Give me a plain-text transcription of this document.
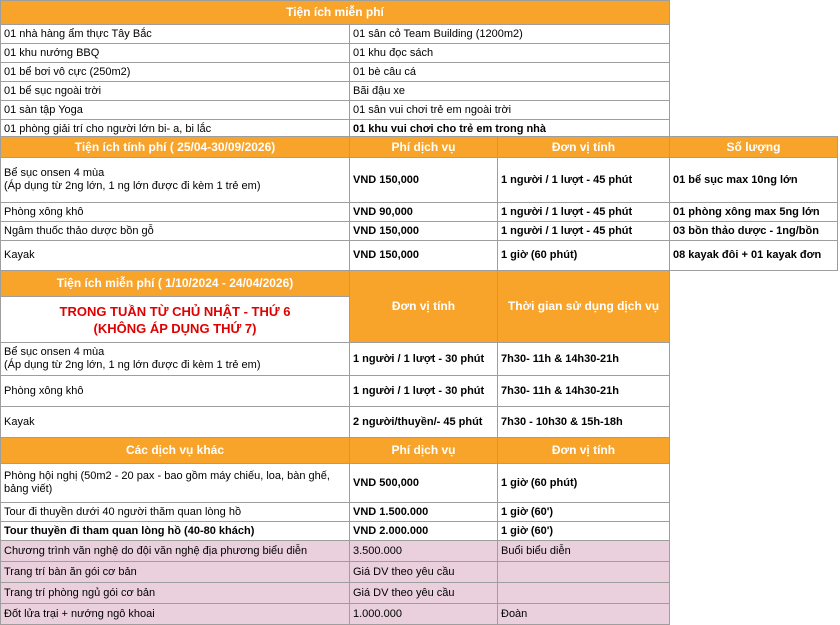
Tiện ích miễn phí
01 nhà hàng ẩm thực Tây Bắc	01 sân cỏ Team Building (1200m2)
01 khu nướng BBQ	01 khu đọc sách
01 bể bơi vô cực (250m2)	01 bè câu cá
01 bể sục ngoài trời	Bãi đậu xe
01 sàn tập Yoga	01 sân vui chơi trẻ em ngoài trời
01 phòng giải trí cho người lớn bi- a, bi lắc	01 khu vui chơi cho trẻ em trong nhà
Tiện ích tính phí ( 25/04-30/09/2026)	Phí dịch vụ	Đơn vị tính	Số lượng
Bể sục onsen 4 mùa
(Áp dụng từ 2ng lớn, 1 ng lớn được đi kèm 1 trẻ em)
VND 150,000	1 người / 1 lượt - 45 phút	01 bể sục max 10ng lớn
Phòng xông khô	VND 90,000	1 người / 1 lượt - 45 phút	01 phòng xông max 5ng lớn
Ngâm thuốc thảo dược bồn gỗ	VND 150,000	1 người / 1 lượt - 45 phút	03 bồn thảo dược - 1ng/bồn
Kayak	VND 150,000	1 giờ (60 phút)	08 kayak đôi + 01 kayak đơn
Tiện ích miễn phí ( 1/10/2024 - 24/04/2026)
Đơn vị tính	Thời gian sử dụng dịch vụ
TRONG TUẦN TỪ CHỦ NHẬT - THỨ 6
(KHÔNG ÁP DỤNG THỨ 7)
Bể sục onsen 4 mùa
(Áp dụng từ 2ng lớn, 1 ng lớn được đi kèm 1 trẻ em)
1 người / 1 lượt - 30 phút	7h30- 11h & 14h30-21h
Phòng xông khô	1 người / 1 lượt - 30 phút	7h30- 11h & 14h30-21h
Kayak	2 người/thuyền/- 45 phút	7h30 - 10h30 & 15h-18h
Các dịch vụ khác	Phí dịch vụ	Đơn vị tính
Phòng hội nghị (50m2 - 20 pax - bao gồm máy chiếu, loa, bàn ghế,
bảng viết)
VND 500,000	1 giờ (60 phút)
Tour đi thuyền dưới 40 người thăm quan lòng hồ	VND 1.500.000	1 giờ (60')
Tour thuyền đi tham quan lòng hồ (40-80 khách)	VND 2.000.000	1 giờ (60')
Chương trình văn nghệ do đội văn nghệ địa phương biểu diễn	3.500.000	Buổi biểu diễn
Trang trí bàn ăn gói cơ bản	Giá DV theo yêu cầu
Trang trí phòng ngủ gói cơ bản	Giá DV theo yêu cầu
Đốt lửa trại + nướng ngô khoai	1.000.000	Đoàn
